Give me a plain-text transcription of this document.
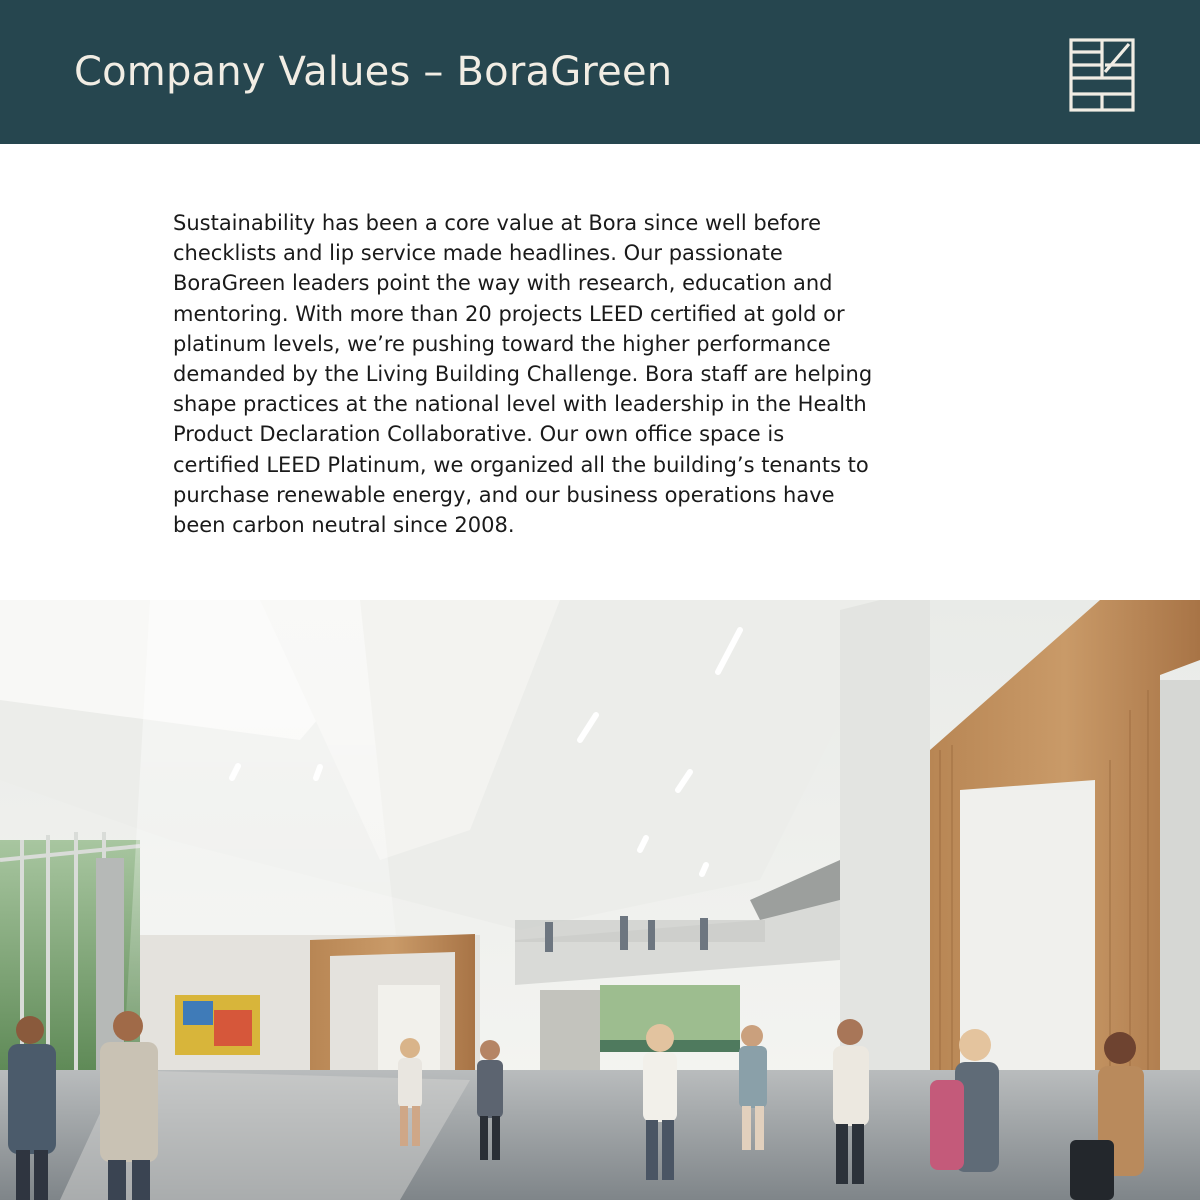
Company Values – BoraGreen
Sustainability has been a core value at Bora since well before
checklists and lip service made headlines. Our passionate
BoraGreen leaders point the way with research, education and
mentoring. With more than 20 projects LEED certified at gold or
platinum levels, we’re pushing toward the higher performance
demanded by the Living Building Challenge. Bora staff are helping
shape practices at the national level with leadership in the Health
Product Declaration Collaborative. Our own office space is
certified LEED Platinum, we organized all the building’s tenants to
purchase renewable energy, and our business operations have
been carbon neutral since 2008.
